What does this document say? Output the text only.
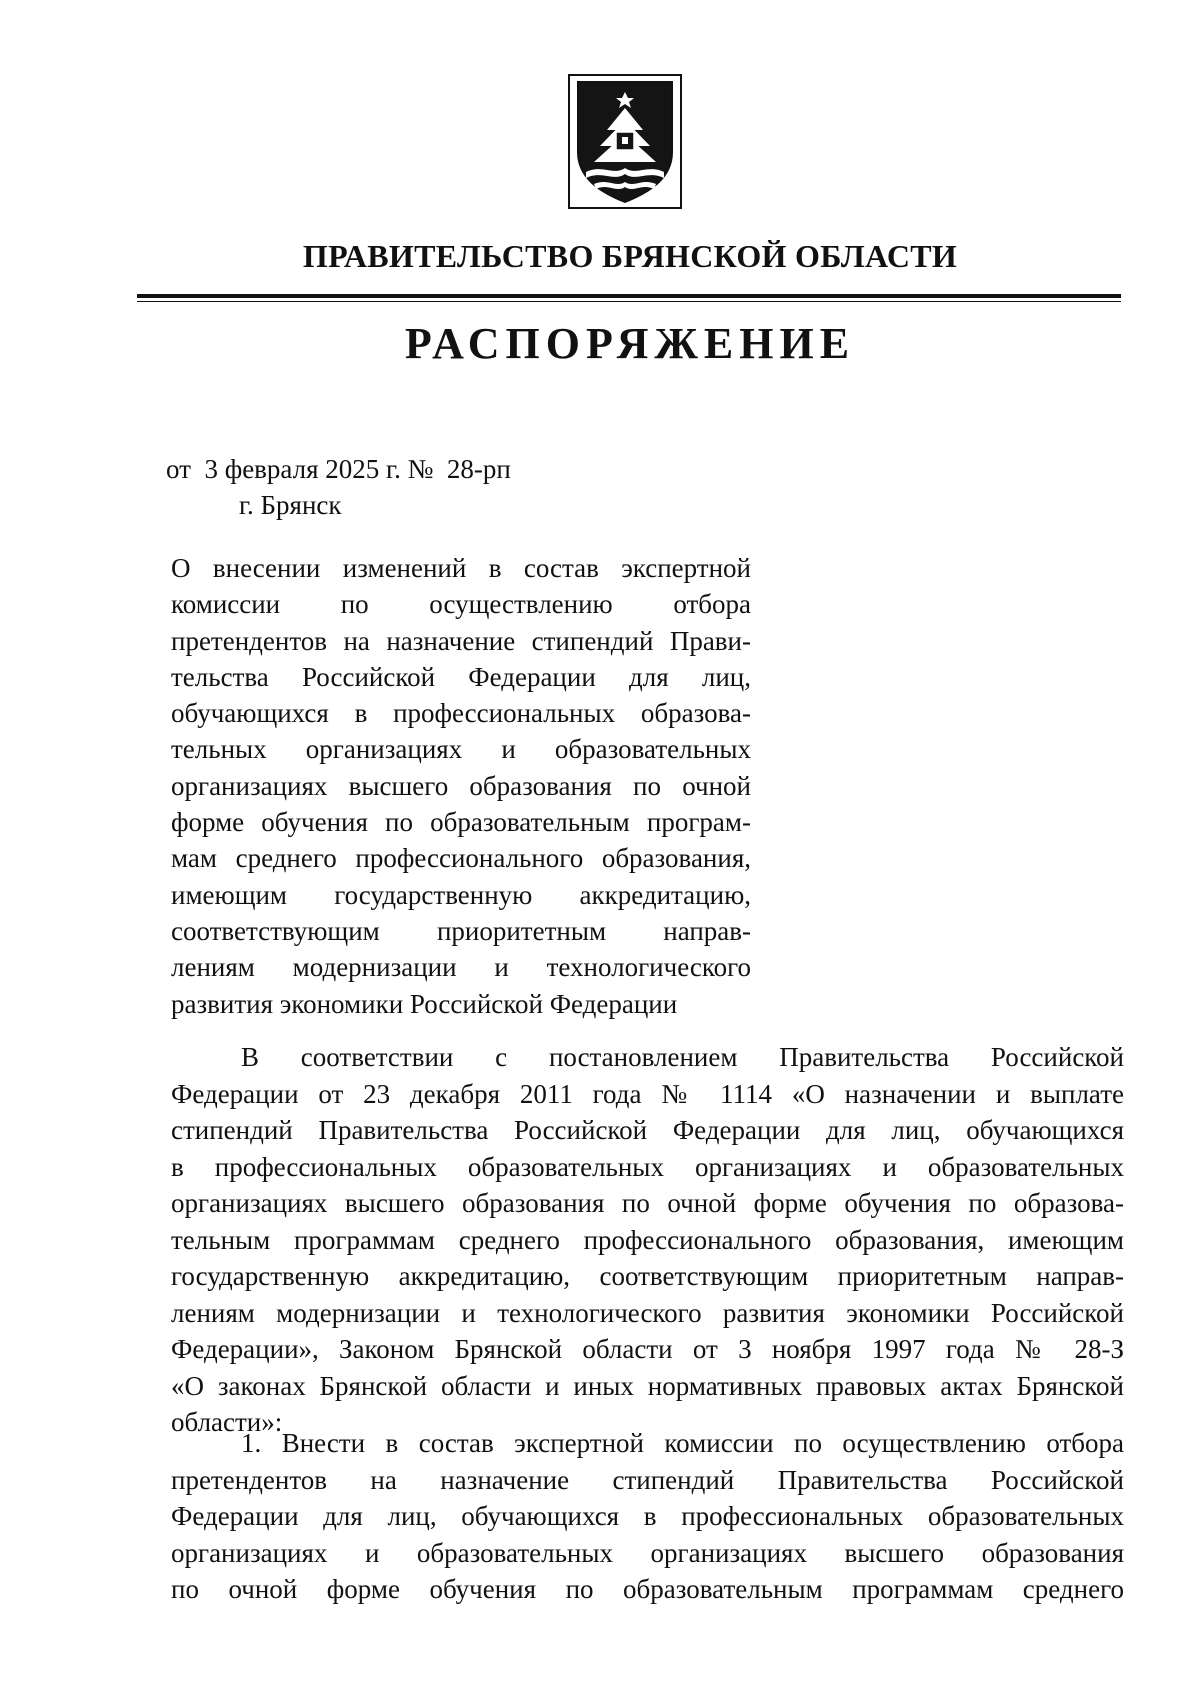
ПРАВИТЕЛЬСТВО БРЯНСКОЙ ОБЛАСТИ
РАСПОРЯЖЕНИЕ
от  3 февраля 2025 г. №  28-рп
г. Брянск
О внесении изменений в состав экспертной
комиссии по осуществлению отбора
претендентов на назначение стипендий Прави-
тельства Российской Федерации для лиц,
обучающихся в профессиональных образова-
тельных организациях и образовательных
организациях высшего образования по очной
форме обучения по образовательным програм-
мам среднего профессионального образования,
имеющим государственную аккредитацию,
соответствующим приоритетным направ-
лениям модернизации и технологического
развития экономики Российской Федерации
В соответствии с постановлением Правительства Российской
Федерации от 23 декабря 2011 года № 1114 «О назначении и выплате
стипендий Правительства Российской Федерации для лиц, обучающихся
в профессиональных образовательных организациях и образовательных
организациях высшего образования по очной форме обучения по образова-
тельным программам среднего профессионального образования, имеющим
государственную аккредитацию, соответствующим приоритетным направ-
лениям модернизации и технологического развития экономики Российской
Федерации», Законом Брянской области от 3 ноября 1997 года № 28-З
«О законах Брянской области и иных нормативных правовых актах Брянской
области»:
1. Внести в состав экспертной комиссии по осуществлению отбора
претендентов на назначение стипендий Правительства Российской
Федерации для лиц, обучающихся в профессиональных образовательных
организациях и образовательных организациях высшего образования
по очной форме обучения по образовательным программам среднего
